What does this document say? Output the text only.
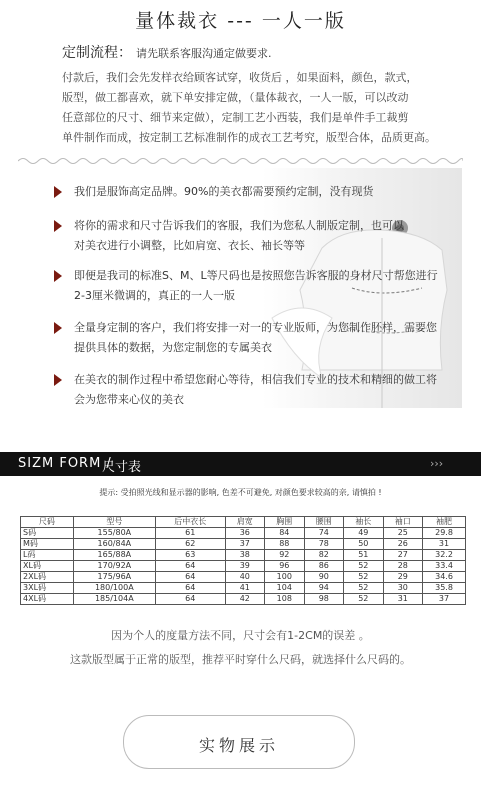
量体裁衣 --- 一人一版
定制流程： 请先联系客服沟通定做要求.
付款后，我们会先发样衣给顾客试穿，收货后 ，如果面料，颜色，款式，
版型，做工都喜欢，就下单安排定做，（量体裁衣，一人一版，可以改动
任意部位的尺寸、细节来定做），定制工艺小西装，我们是单件手工裁剪
单件制作而成，按定制工艺标准制作的成衣工艺考究，版型合体，品质更高。
我们是服饰高定品牌。90%的美衣都需要预约定制，没有现货
将你的需求和尺寸告诉我们的客服，我们为您私人制版定制，也可以
对美衣进行小调整，比如肩宽、衣长、袖长等等
即便是我司的标准S、M、L等尺码也是按照您告诉客服的身材尺寸帮您进行
2-3厘米微调的，真正的一人一版
全量身定制的客户，我们将安排一对一的专业版师，为您制作胚样，需要您
提供具体的数据，为您定制您的专属美衣
在美衣的制作过程中希望您耐心等待，相信我们专业的技术和精细的做工将
会为您带来心仪的美衣
SIZM FORM /
尺寸表	›››
提示: 受拍照光线和显示器的影响, 色差不可避免, 对颜色要求较高的亲, 请慎拍 !
尺码	型号	后中衣长	肩宽	胸围	腰围	袖长	袖口	袖肥
S码	155/80A	61	36	84	74	49	25	29.8
M码	160/84A	62	37	88	78	50	26	31
L码	165/88A	63	38	92	82	51	27	32.2
XL码	170/92A	64	39	96	86	52	28	33.4
2XL码	175/96A	64	40	100	90	52	29	34.6
3XL码	180/100A	64	41	104	94	52	30	35.8
4XL码	185/104A	64	42	108	98	52	31	37
因为个人的度量方法不同，尺寸会有1-2CM的误差 。
这款版型属于正常的版型，推荐平时穿什么尺码，就选择什么尺码的。
实物展示
